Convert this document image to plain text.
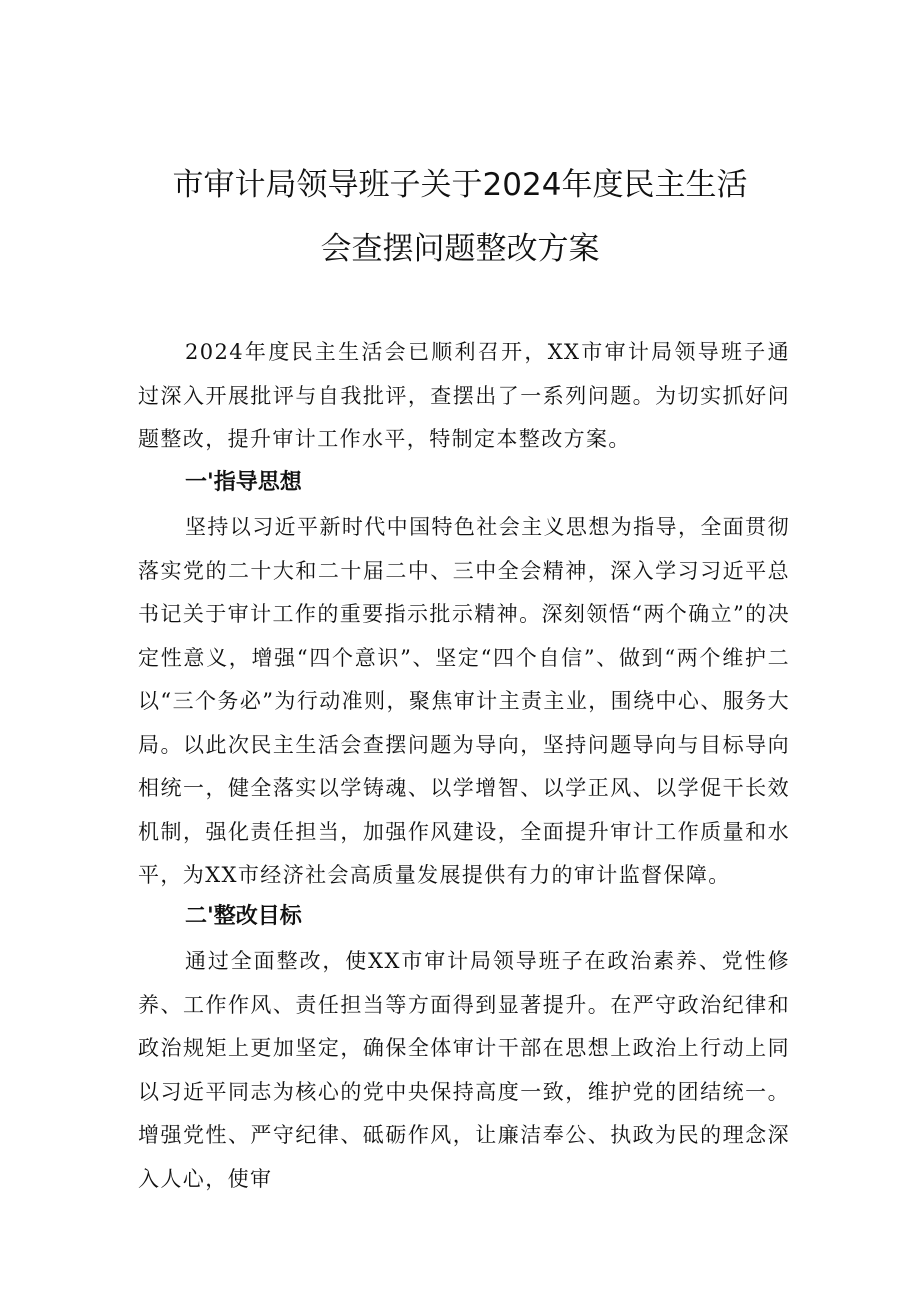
市审计局领导班子关于2024年度民主生活
会查摆问题整改方案

2024年度民主生活会已顺利召开，XX市审计局领导班子通过深入开展批评与自我批评，查摆出了一系列问题。为切实抓好问题整改，提升审计工作水平，特制定本整改方案。

一'指导思想

坚持以习近平新时代中国特色社会主义思想为指导，全面贯彻落实党的二十大和二十届二中、三中全会精神，深入学习习近平总书记关于审计工作的重要指示批示精神。深刻领悟“两个确立”的决定性意义，增强“四个意识”、坚定“四个自信”、做到“两个维护二以“三个务必”为行动准则，聚焦审计主责主业，围绕中心、服务大局。以此次民主生活会查摆问题为导向，坚持问题导向与目标导向相统一，健全落实以学铸魂、以学增智、以学正风、以学促干长效机制，强化责任担当，加强作风建设，全面提升审计工作质量和水平，为XX市经济社会高质量发展提供有力的审计监督保障。

二'整改目标

通过全面整改，使XX市审计局领导班子在政治素养、党性修养、工作作风、责任担当等方面得到显著提升。在严守政治纪律和政治规矩上更加坚定，确保全体审计干部在思想上政治上行动上同以习近平同志为核心的党中央保持高度一致，维护党的团结统一。增强党性、严守纪律、砥砺作风，让廉洁奉公、执政为民的理念深入人心，使审
